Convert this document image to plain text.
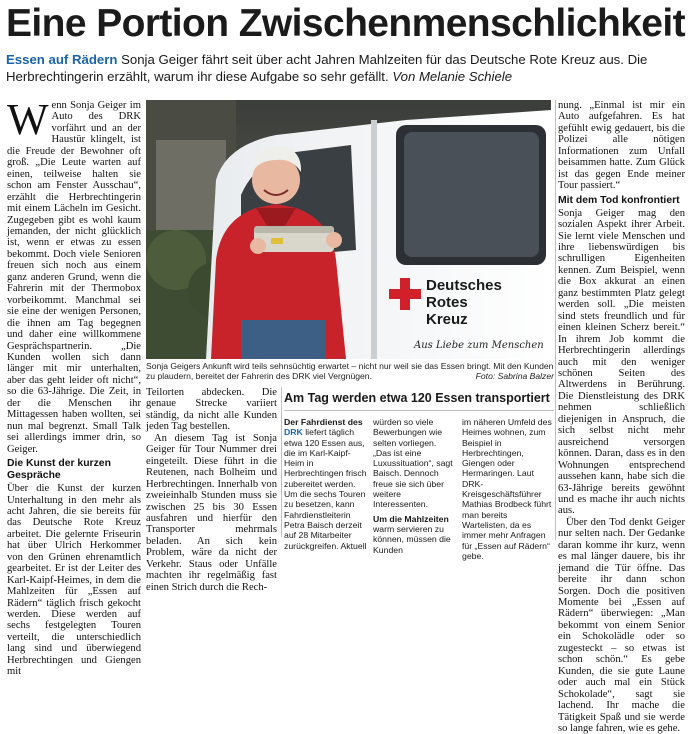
Eine Portion Zwischenmenschlichkeit
Essen auf Rädern Sonja Geiger fährt seit über acht Jahren Mahlzeiten für das Deutsche Rote Kreuz aus. Die Herbrechtingerin erzählt, warum ihr diese Aufgabe so sehr gefällt. Von Melanie Schiele

Wenn Sonja Geiger im Auto des DRK vorfährt und an der Haustür klingelt, ist die Freude der Bewohner oft groß. „Die Leute warten auf einen, teilweise halten sie schon am Fenster Ausschau“, erzählt die Herbrechtingerin mit einem Lächeln im Gesicht. Zugegeben gibt es wohl kaum jemanden, der nicht glücklich ist, wenn er etwas zu essen bekommt. Doch viele Senioren freuen sich noch aus einem ganz anderen Grund, wenn die Fahrerin mit der Thermobox vorbeikommt. Manchmal sei sie eine der wenigen Personen, die ihnen am Tag begegnen und daher eine willkommene Gesprächspartnerin. „Die Kunden wollen sich dann länger mit mir unterhalten, aber das geht leider oft nicht“, so die 63-Jährige. Die Zeit, in der die Menschen ihr Mittagessen haben wollten, sei nun mal begrenzt. Small Talk sei allerdings immer drin, so Geiger.

Die Kunst der kurzen Gespräche

Über die Kunst der kurzen Unterhaltung in den mehr als acht Jahren, die sie bereits für das Deutsche Rote Kreuz arbeitet. Die gelernte Friseurin hat über Ulrich Herkommer von den Grünen ehrenamtlich gearbeitet. Er ist der Leiter des Karl-Kaipf-Heimes, in dem die Mahlzeiten für „Essen auf Rädern“ täglich frisch gekocht werden. Diese werden auf sechs festgelegten Touren verteilt, die unterschiedlich lang sind und überwiegend Herbrechtingen und Giengen mit

Deutsches
Rotes
Kreuz
Aus Liebe zum Menschen
Sonja Geigers Ankunft wird teils sehnsüchtig erwartet – nicht nur weil sie das Essen bringt. Mit den Kunden zu plaudern, bereitet der Fahrerin des DRK viel Vergnügen.	Foto: Sabrina Balzer

Teilorten abdecken. Die genaue Strecke variiert ständig, da nicht alle Kunden jeden Tag bestellen.

An diesem Tag ist Sonja Geiger für Tour Nummer drei eingeteilt. Diese führt in die Reutenen, nach Bolheim und Herbrechtingen. Innerhalb von zweieinhalb Stunden muss sie zwischen 25 bis 30 Essen ausfahren und hierfür den Transporter mehrmals beladen. An sich kein Problem, wäre da nicht der Verkehr. Staus oder Unfälle machten ihr regelmäßig fast einen Strich durch die Rech-

Am Tag werden etwa 120 Essen transportiert
Der Fahrdienst des DRK liefert täglich etwa 120 Essen aus, die im Karl-Kaipf-Heim in Herbrechtingen frisch zubereitet werden. Um die sechs Touren zu besetzen, kann Fahrdienstleiterin Petra Baisch derzeit auf 28 Mitarbeiter zurückgreifen. Aktuell
würden so viele Bewerbungen wie selten vorliegen. „Das ist eine Luxussituation“, sagt Baisch. Dennoch freue sie sich über weitere Interessenten.
Um die Mahlzeiten
warm servieren zu können, müssen die Kunden
im näheren Umfeld des Heimes wohnen, zum Beispiel in Herbrechtingen, Giengen oder Hermaringen. Laut DRK-Kreisgeschäftsführer Mathias Brodbeck führt man bereits Wartelisten, da es immer mehr Anfragen für „Essen auf Rädern“ gebe.

nung. „Einmal ist mir ein Auto aufgefahren. Es hat gefühlt ewig gedauert, bis die Polizei alle nötigen Informationen zum Unfall beisammen hatte. Zum Glück ist das gegen Ende meiner Tour passiert.“

Mit dem Tod konfrontiert

Sonja Geiger mag den sozialen Aspekt ihrer Arbeit. Sie lernt viele Menschen und ihre liebenswürdigen bis schrulligen Eigenheiten kennen. Zum Beispiel, wenn die Box akkurat an einen ganz bestimmten Platz gelegt werden soll. „Die meisten sind stets freundlich und für einen kleinen Scherz bereit.“ In ihrem Job kommt die Herbrechtingerin allerdings auch mit den weniger schönen Seiten des Altwerdens in Berührung. Die Dienstleistung des DRK nehmen schließlich diejenigen in Anspruch, die sich selbst nicht mehr ausreichend versorgen können. Daran, dass es in den Wohnungen entsprechend aussehen kann, habe sich die 63-Jährige bereits gewöhnt und es mache ihr auch nichts aus.

Über den Tod denkt Geiger nur selten nach. Der Gedanke daran komme ihr kurz, wenn es mal länger dauere, bis ihr jemand die Tür öffne. Das bereite ihr dann schon Sorgen. Doch die positiven Momente bei „Essen auf Rädern“ überwiegen: „Man bekommt von einem Senior ein Schokolädle oder so zugesteckt – so etwas ist schon schön.“ Es gebe Kunden, die sie gute Laune oder auch mal ein Stück Schokolade“, sagt sie lachend. Ihr mache die Tätigkeit Spaß und sie werde so lange fahren, wie es gehe.
